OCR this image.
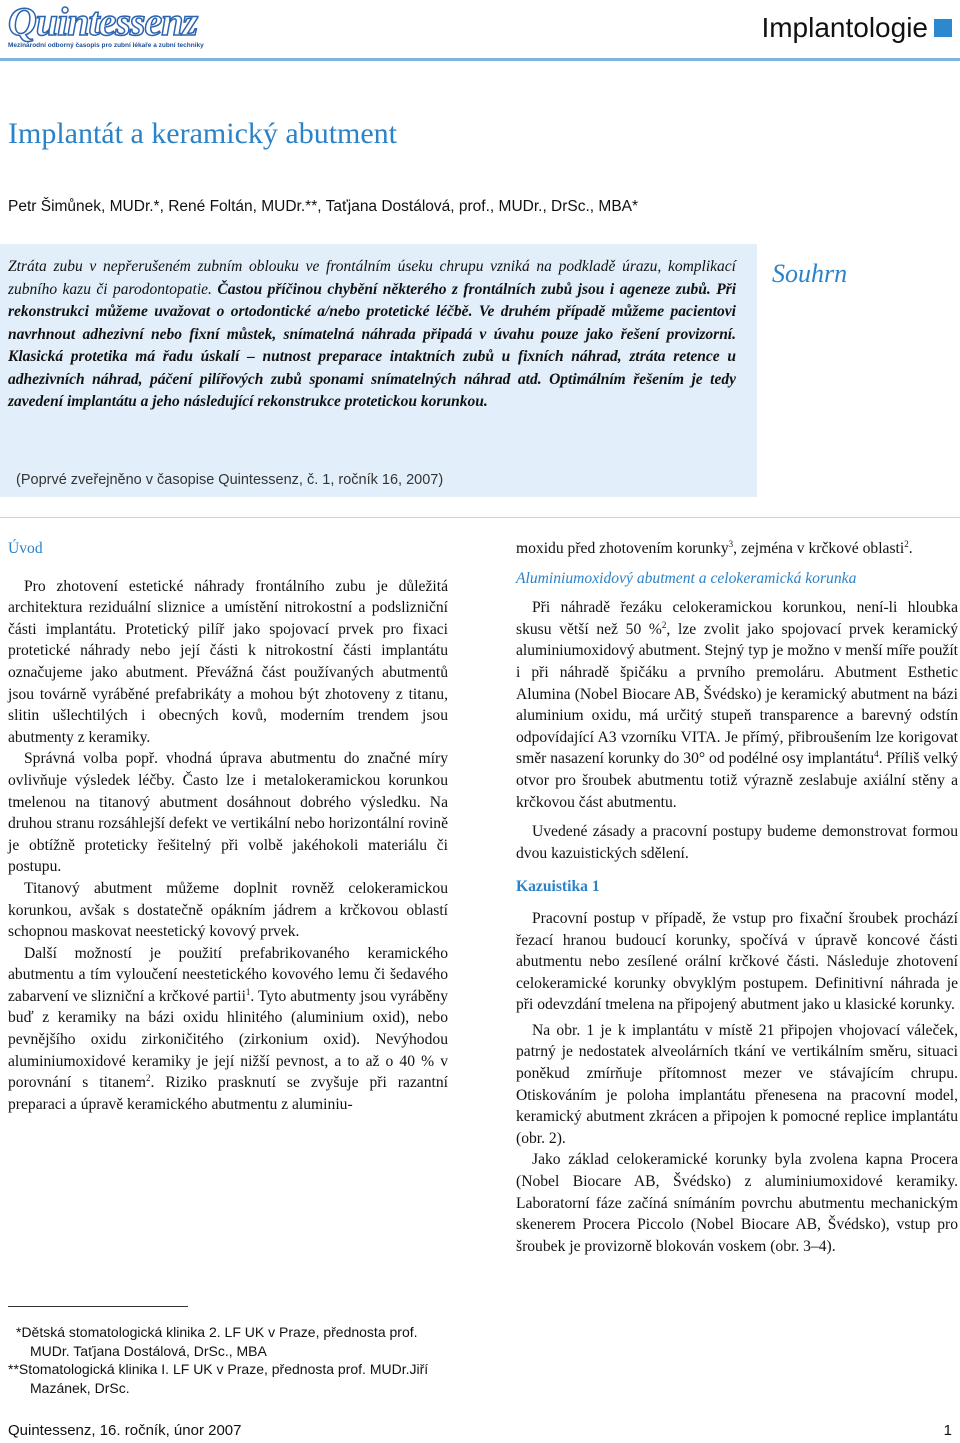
Quintessenz
Mezinárodní odborný časopis pro zubní lékaře a zubní techniky
Implantologie
Implantát a keramický abutment
Petr Šimůnek, MUDr.*, René Foltán, MUDr.**, Taťjana Dostálová, prof., MUDr., DrSc., MBA*
Ztráta zubu v nepřerušeném zubním oblouku ve frontálním úseku chrupu vzniká na podkladě úrazu, komplikací zubního kazu či parodontopatie. Častou příčinou chybění některého z frontálních zubů jsou i ageneze zubů. Při rekonstrukci můžeme uvažovat o ortodontické a/nebo protetické léčbě. Ve druhém případě můžeme pacientovi navrhnout adhezivní nebo fixní můstek, snímatelná náhrada připadá v úvahu pouze jako řešení provizorní. Klasická protetika má řadu úskalí – nutnost preparace intaktních zubů u fixních náhrad, ztráta retence u adhezivních náhrad, páčení pilířových zubů sponami snímatelných náhrad atd. Optimálním řešením je tedy zavedení implantátu a jeho následující rekonstrukce protetickou korunkou.
(Poprvé zveřejněno v časopise Quintessenz, č. 1, ročník 16, 2007)
Souhrn

Úvod

Pro zhotovení estetické náhrady frontálního zubu je důležitá architektura reziduální sliznice a umístění nitrokostní a podslizniční části implantátu. Protetický pilíř jako spojovací prvek pro fixaci protetické náhrady nebo její části k nitrokostní části implantátu označujeme jako abutment. Převážná část používaných abutmentů jsou továrně vyráběné prefabrikáty a mohou být zhotoveny z titanu, slitin ušlechtilých i obecných kovů, moderním trendem jsou abutmenty z keramiky.

Správná volba popř. vhodná úprava abutmentu do značné míry ovlivňuje výsledek léčby. Často lze i metalokeramickou korunkou tmelenou na titanový abutment dosáhnout dobrého výsledku. Na druhou stranu rozsáhlejší defekt ve vertikální nebo horizontální rovině je obtížně proteticky řešitelný při volbě jakéhokoli materiálu či postupu.

Titanový abutment můžeme doplnit rovněž celokeramickou korunkou, avšak s dostatečně opákním jádrem a krčkovou oblastí schopnou maskovat neestetický kovový prvek.

Další možností je použití prefabrikovaného keramického abutmentu a tím vyloučení neestetického kovového lemu či šedavého zabarvení ve slizniční a krčkové partii$^1$. Tyto abutmenty jsou vyráběny buď z keramiky na bázi oxidu hlinitého (aluminium oxid), nebo pevnějšího oxidu zirkoničitého (zirkonium oxid). Nevýhodou aluminiumoxidové keramiky je její nižší pevnost, a to až o 40 % v porovnání s titanem$^2$. Riziko prasknutí se zvyšuje při razantní preparaci a úpravě keramického abutmentu z aluminiu-

moxidu před zhotovením korunky$^3$, zejména v krčkové oblasti$^2$.

Aluminiumoxidový abutment a celokeramická korunka

Při náhradě řezáku celokeramickou korunkou, není-li hloubka skusu větší než 50 %$^2$, lze zvolit jako spojovací prvek keramický aluminiumoxidový abutment. Stejný typ je možno v menší míře použít i při náhradě špičáku a prvního premoláru. Abutment Esthetic Alumina (Nobel Biocare AB, Švédsko) je keramický abutment na bázi aluminium oxidu, má určitý stupeň transparence a barevný odstín odpovídající A3 vzorníku VITA. Je přímý, přibroušením lze korigovat směr nasazení korunky do 30° od podélné osy implantátu$^4$. Příliš velký otvor pro šroubek abutmentu totiž výrazně zeslabuje axiální stěny a krčkovou část abutmentu.

Uvedené zásady a pracovní postupy budeme demonstrovat formou dvou kazuistických sdělení.

Kazuistika 1

Pracovní postup v případě, že vstup pro fixační šroubek prochází řezací hranou budoucí korunky, spočívá v úpravě koncové části abutmentu nebo zesílené orální krčkové části. Následuje zhotovení celokeramické korunky obvyklým postupem. Definitivní náhrada je při odevzdání tmelena na připojený abutment jako u klasické korunky.

Na obr. 1 je k implantátu v místě 21 připojen vhojovací váleček, patrný je nedostatek alveolárních tkání ve vertikálním směru, situaci poněkud zmírňuje přítomnost mezer ve stávajícím chrupu. Otiskováním je poloha implantátu přenesena na pracovní model, keramický abutment zkrácen a připojen k pomocné replice implantátu (obr. 2).

Jako základ celokeramické korunky byla zvolena kapna Procera (Nobel Biocare AB, Švédsko) z aluminiumoxidové keramiky. Laboratorní fáze začíná snímáním povrchu abutmentu mechanickým skenerem Procera Piccolo (Nobel Biocare AB, Švédsko), vstup pro šroubek je provizorně blokován voskem (obr. 3–4).

*Dětská stomatologická klinika 2. LF UK v Praze, přednosta prof. MUDr. Taťjana Dostálová, DrSc., MBA
**Stomatologická klinika I. LF UK v Praze, přednosta prof. MUDr.Jiří Mazánek, DrSc.
Quintessenz, 16. ročník, únor 2007	1
